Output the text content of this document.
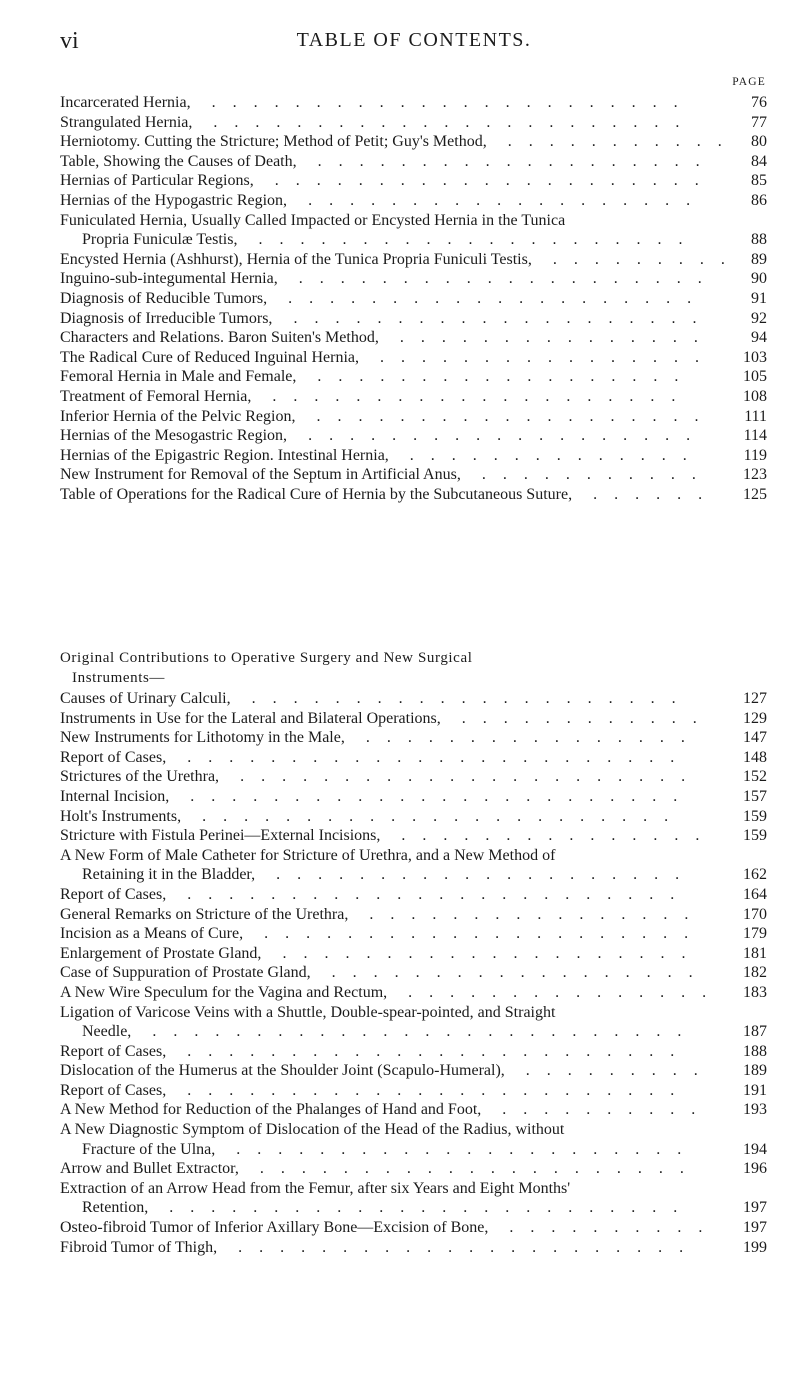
vi	TABLE OF CONTENTS.
PAGE
Incarcerated Hernia, .......................	76
Strangulated Hernia, .......................	77
Herniotomy. Cutting the Stricture; Method of Petit; Guy's Method, ........... 80
Table, Showing the Causes of Death, ...................	84
Hernias of Particular Regions, .....................	85
Hernias of the Hypogastric Region, ...................	86
Funiculated Hernia, Usually Called Impacted or Encysted Hernia in the Tunica
Propria Funiculæ Testis, .....................	88
Encysted Hernia (Ashhurst), Hernia of the Tunica Propria Funiculi Testis, ......... 89
Inguino-sub-integumental Hernia, ....................	90
Diagnosis of Reducible Tumors, ....................	91
Diagnosis of Irreducible Tumors, ....................	92
Characters and Relations. Baron Suiten's Method, ...............	94
The Radical Cure of Reduced Inguinal Hernia, ................	103
Femoral Hernia in Male and Female, ..................	105
Treatment of Femoral Hernia, ....................	108
Inferior Hernia of the Pelvic Region, ...................	111
Hernias of the Mesogastric Region, ...................	114
Hernias of the Epigastric Region. Intestinal Hernia, ..............	119
New Instrument for Removal of the Septum in Artificial Anus, ...........	123
Table of Operations for the Radical Cure of Hernia by the Subcutaneous Suture, ......	125
Original Contributions to Operative Surgery and New Surgical
Instruments—
Causes of Urinary Calculi, .....................	127
Instruments in Use for the Lateral and Bilateral Operations, ............	129
New Instruments for Lithotomy in the Male, ................	147
Report of Cases, ........................	148
Strictures of the Urethra, ......................	152
Internal Incision, ........................	157
Holt's Instruments, .......................	159
Stricture with Fistula Perinei—External Incisions, ...............	159
A New Form of Male Catheter for Stricture of Urethra, and a New Method of
Retaining it in the Bladder, ....................	162
Report of Cases, ........................	164
General Remarks on Stricture of the Urethra, ................	170
Incision as a Means of Cure, .....................	179
Enlargement of Prostate Gland, ....................	181
Case of Suppuration of Prostate Gland, ..................	182
A New Wire Speculum for the Vagina and Rectum, ...............	183
Ligation of Varicose Veins with a Shuttle, Double-spear-pointed, and Straight
Needle, ..........................	187
Report of Cases, ........................	188
Dislocation of the Humerus at the Shoulder Joint (Scapulo-Humeral), .........	189
Report of Cases, ........................	191
A New Method for Reduction of the Phalanges of Hand and Foot, ..........	193
A New Diagnostic Symptom of Dislocation of the Head of the Radius, without
Fracture of the Ulna, ......................	194
Arrow and Bullet Extractor, .....................	196
Extraction of an Arrow Head from the Femur, after six Years and Eight Months'
Retention, .........................	197
Osteo-fibroid Tumor of Inferior Axillary Bone—Excision of Bone, ..........	197
Fibroid Tumor of Thigh, ......................	199
